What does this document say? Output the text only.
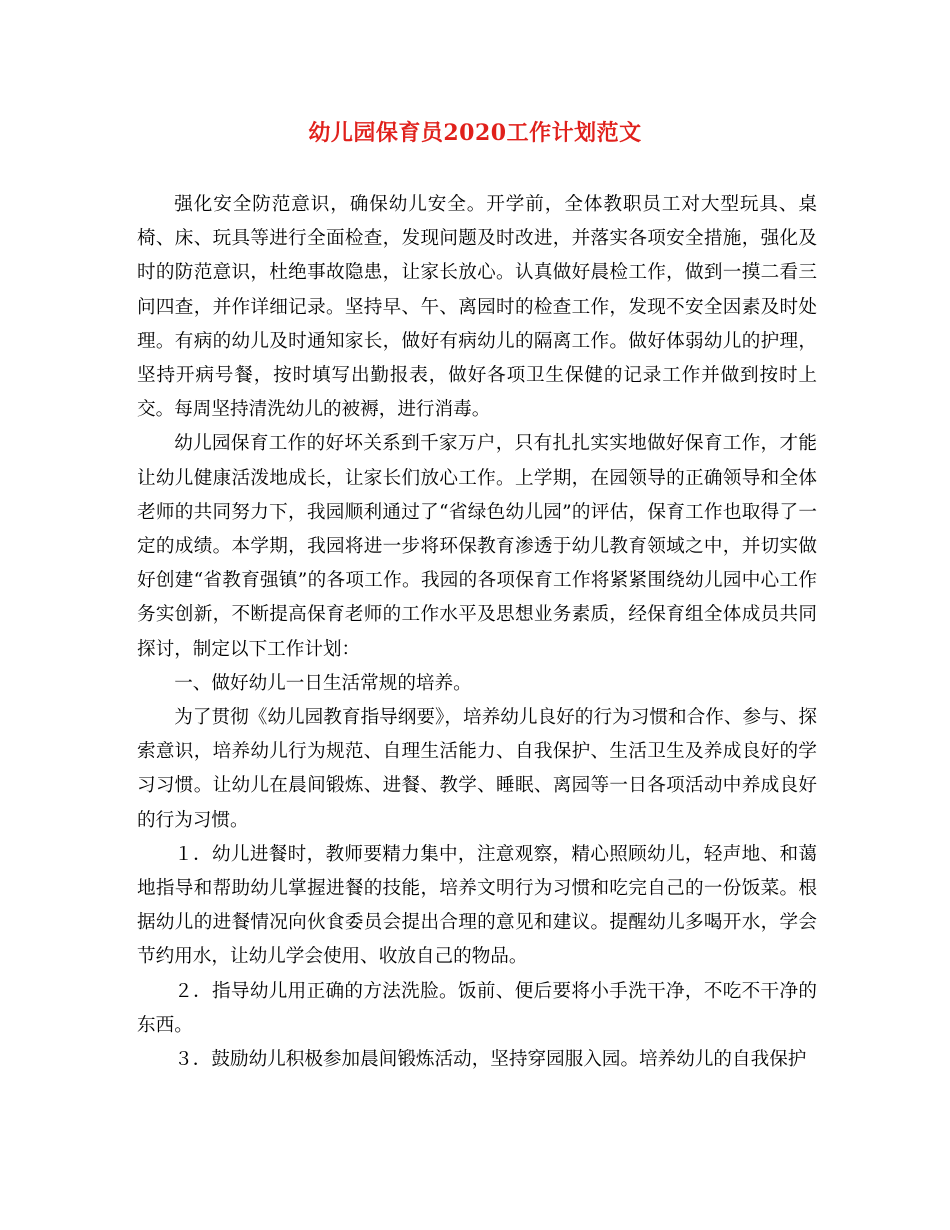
幼儿园保育员2020工作计划范文

强化安全防范意识，确保幼儿安全。开学前，全体教职员工对大型玩具、桌椅、床、玩具等进行全面检查，发现问题及时改进，并落实各项安全措施，强化及时的防范意识，杜绝事故隐患，让家长放心。认真做好晨检工作，做到一摸二看三问四查，并作详细记录。坚持早、午、离园时的检查工作，发现不安全因素及时处理。有病的幼儿及时通知家长，做好有病幼儿的隔离工作。做好体弱幼儿的护理，坚持开病号餐，按时填写出勤报表，做好各项卫生保健的记录工作并做到按时上交。每周坚持清洗幼儿的被褥，进行消毒。

幼儿园保育工作的好坏关系到千家万户，只有扎扎实实地做好保育工作，才能让幼儿健康活泼地成长，让家长们放心工作。上学期，在园领导的正确领导和全体老师的共同努力下，我园顺利通过了“省绿色幼儿园”的评估，保育工作也取得了一定的成绩。本学期，我园将进一步将环保教育渗透于幼儿教育领域之中，并切实做好创建“省教育强镇”的各项工作。我园的各项保育工作将紧紧围绕幼儿园中心工作务实创新，不断提高保育老师的工作水平及思想业务素质，经保育组全体成员共同探讨，制定以下工作计划：

一、做好幼儿一日生活常规的培养。

为了贯彻《幼儿园教育指导纲要》，培养幼儿良好的行为习惯和合作、参与、探索意识，培养幼儿行为规范、自理生活能力、自我保护、生活卫生及养成良好的学习习惯。让幼儿在晨间锻炼、进餐、教学、睡眠、离园等一日各项活动中养成良好的行为习惯。

１．幼儿进餐时，教师要精力集中，注意观察，精心照顾幼儿，轻声地、和蔼地指导和帮助幼儿掌握进餐的技能，培养文明行为习惯和吃完自己的一份饭菜。根据幼儿的进餐情况向伙食委员会提出合理的意见和建议。提醒幼儿多喝开水，学会节约用水，让幼儿学会使用、收放自己的物品。

２．指导幼儿用正确的方法洗脸。饭前、便后要将小手洗干净，不吃不干净的东西。

３．鼓励幼儿积极参加晨间锻炼活动，坚持穿园服入园。培养幼儿的自我保护
